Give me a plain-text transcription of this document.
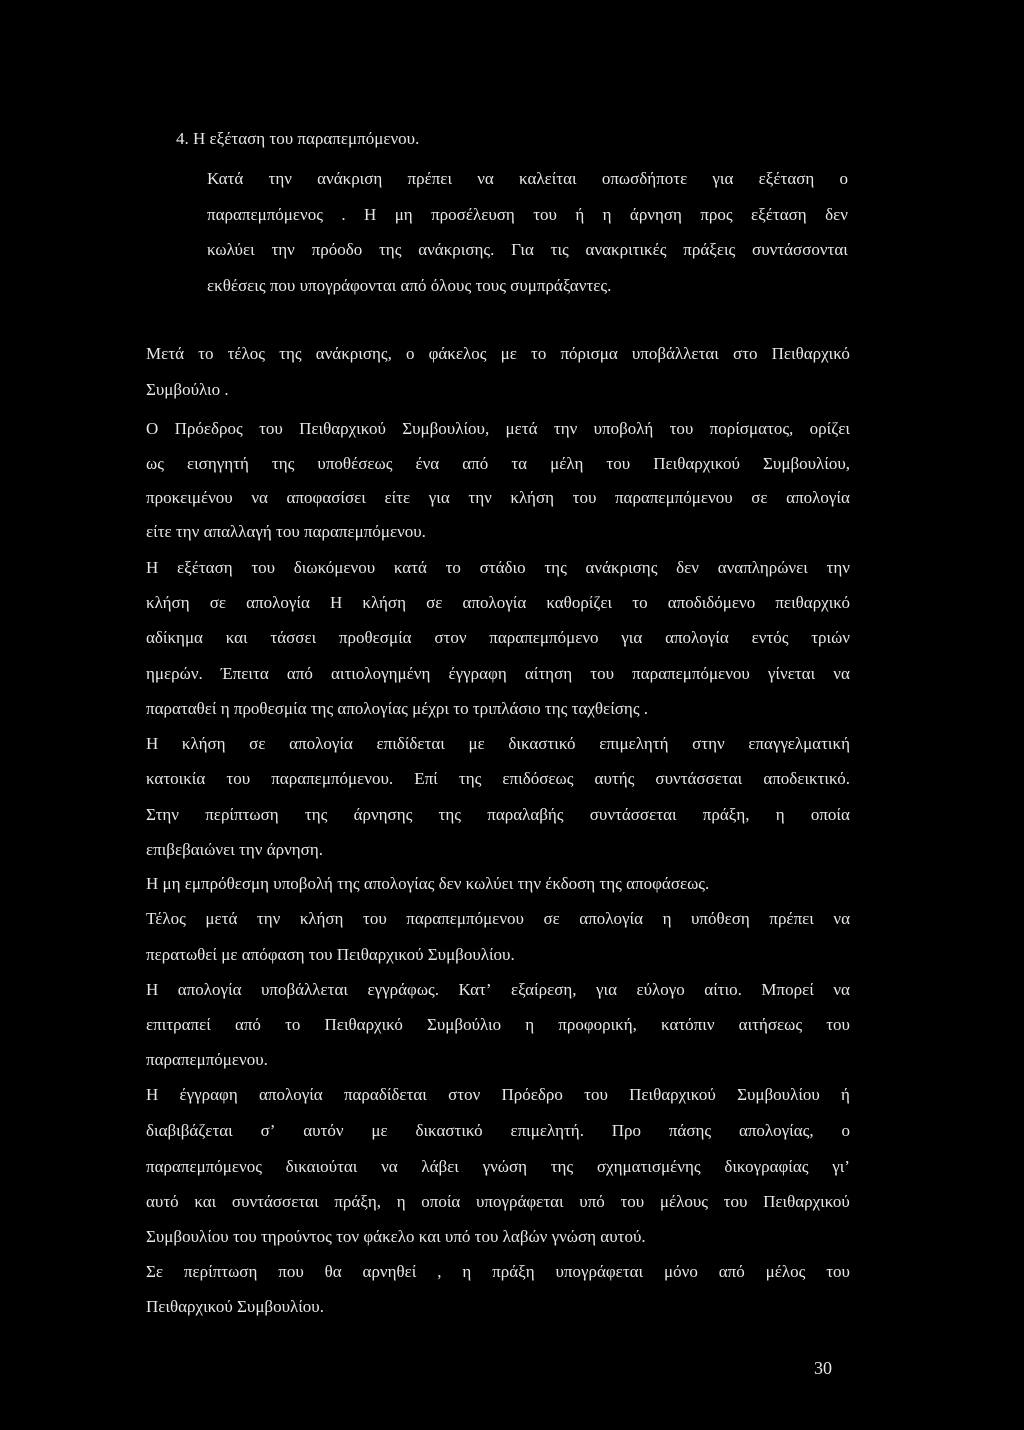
4. Η εξέταση του παραπεμπόμενου.
Κατά την ανάκριση πρέπει να καλείται οπωσδήποτε για εξέταση ο
παραπεμπόμενος . Η μη προσέλευση του ή η άρνηση προς εξέταση δεν
κωλύει την πρόοδο της ανάκρισης. Για τις ανακριτικές πράξεις συντάσσονται
εκθέσεις που υπογράφονται από όλους τους συμπράξαντες.
Μετά το τέλος της ανάκρισης, ο φάκελος με το πόρισμα υποβάλλεται στο Πειθαρχικό
Συμβούλιο .
Ο Πρόεδρος του Πειθαρχικού Συμβουλίου, μετά την υποβολή του πορίσματος, ορίζει
ως εισηγητή της υποθέσεως ένα από τα μέλη του Πειθαρχικού Συμβουλίου,
προκειμένου να αποφασίσει είτε για την κλήση του παραπεμπόμενου σε απολογία
είτε την απαλλαγή του παραπεμπόμενου.
Η εξέταση του διωκόμενου κατά το στάδιο της ανάκρισης δεν αναπληρώνει την
κλήση σε απολογία Η κλήση σε απολογία καθορίζει το αποδιδόμενο πειθαρχικό
αδίκημα και τάσσει προθεσμία στον παραπεμπόμενο για απολογία εντός τριών
ημερών. Έπειτα από αιτιολογημένη έγγραφη αίτηση του παραπεμπόμενου γίνεται να
παραταθεί η προθεσμία της απολογίας μέχρι το τριπλάσιο της ταχθείσης .
Η κλήση σε απολογία επιδίδεται με δικαστικό επιμελητή στην επαγγελματική
κατοικία του παραπεμπόμενου. Επί της επιδόσεως αυτής συντάσσεται αποδεικτικό.
Στην περίπτωση της άρνησης της παραλαβής συντάσσεται πράξη, η οποία
επιβεβαιώνει την άρνηση.
Η μη εμπρόθεσμη υποβολή της απολογίας δεν κωλύει την έκδοση της αποφάσεως.
Τέλος μετά την κλήση του παραπεμπόμενου σε απολογία η υπόθεση πρέπει να
περατωθεί με απόφαση του Πειθαρχικού Συμβουλίου.
Η απολογία υποβάλλεται εγγράφως. Κατ’ εξαίρεση, για εύλογο αίτιο. Μπορεί να
επιτραπεί από το Πειθαρχικό Συμβούλιο η προφορική, κατόπιν αιτήσεως του
παραπεμπόμενου.
Η έγγραφη απολογία παραδίδεται στον Πρόεδρο του Πειθαρχικού Συμβουλίου ή
διαβιβάζεται σ’ αυτόν με δικαστικό επιμελητή. Προ πάσης απολογίας, ο
παραπεμπόμενος δικαιούται να λάβει γνώση της σχηματισμένης δικογραφίας γι’
αυτό και συντάσσεται πράξη, η οποία υπογράφεται υπό του μέλους του Πειθαρχικού
Συμβουλίου του τηρούντος τον φάκελο και υπό του λαβών γνώση αυτού.
Σε περίπτωση που θα αρνηθεί , η πράξη υπογράφεται μόνο από μέλος του
Πειθαρχικού Συμβουλίου.
30
